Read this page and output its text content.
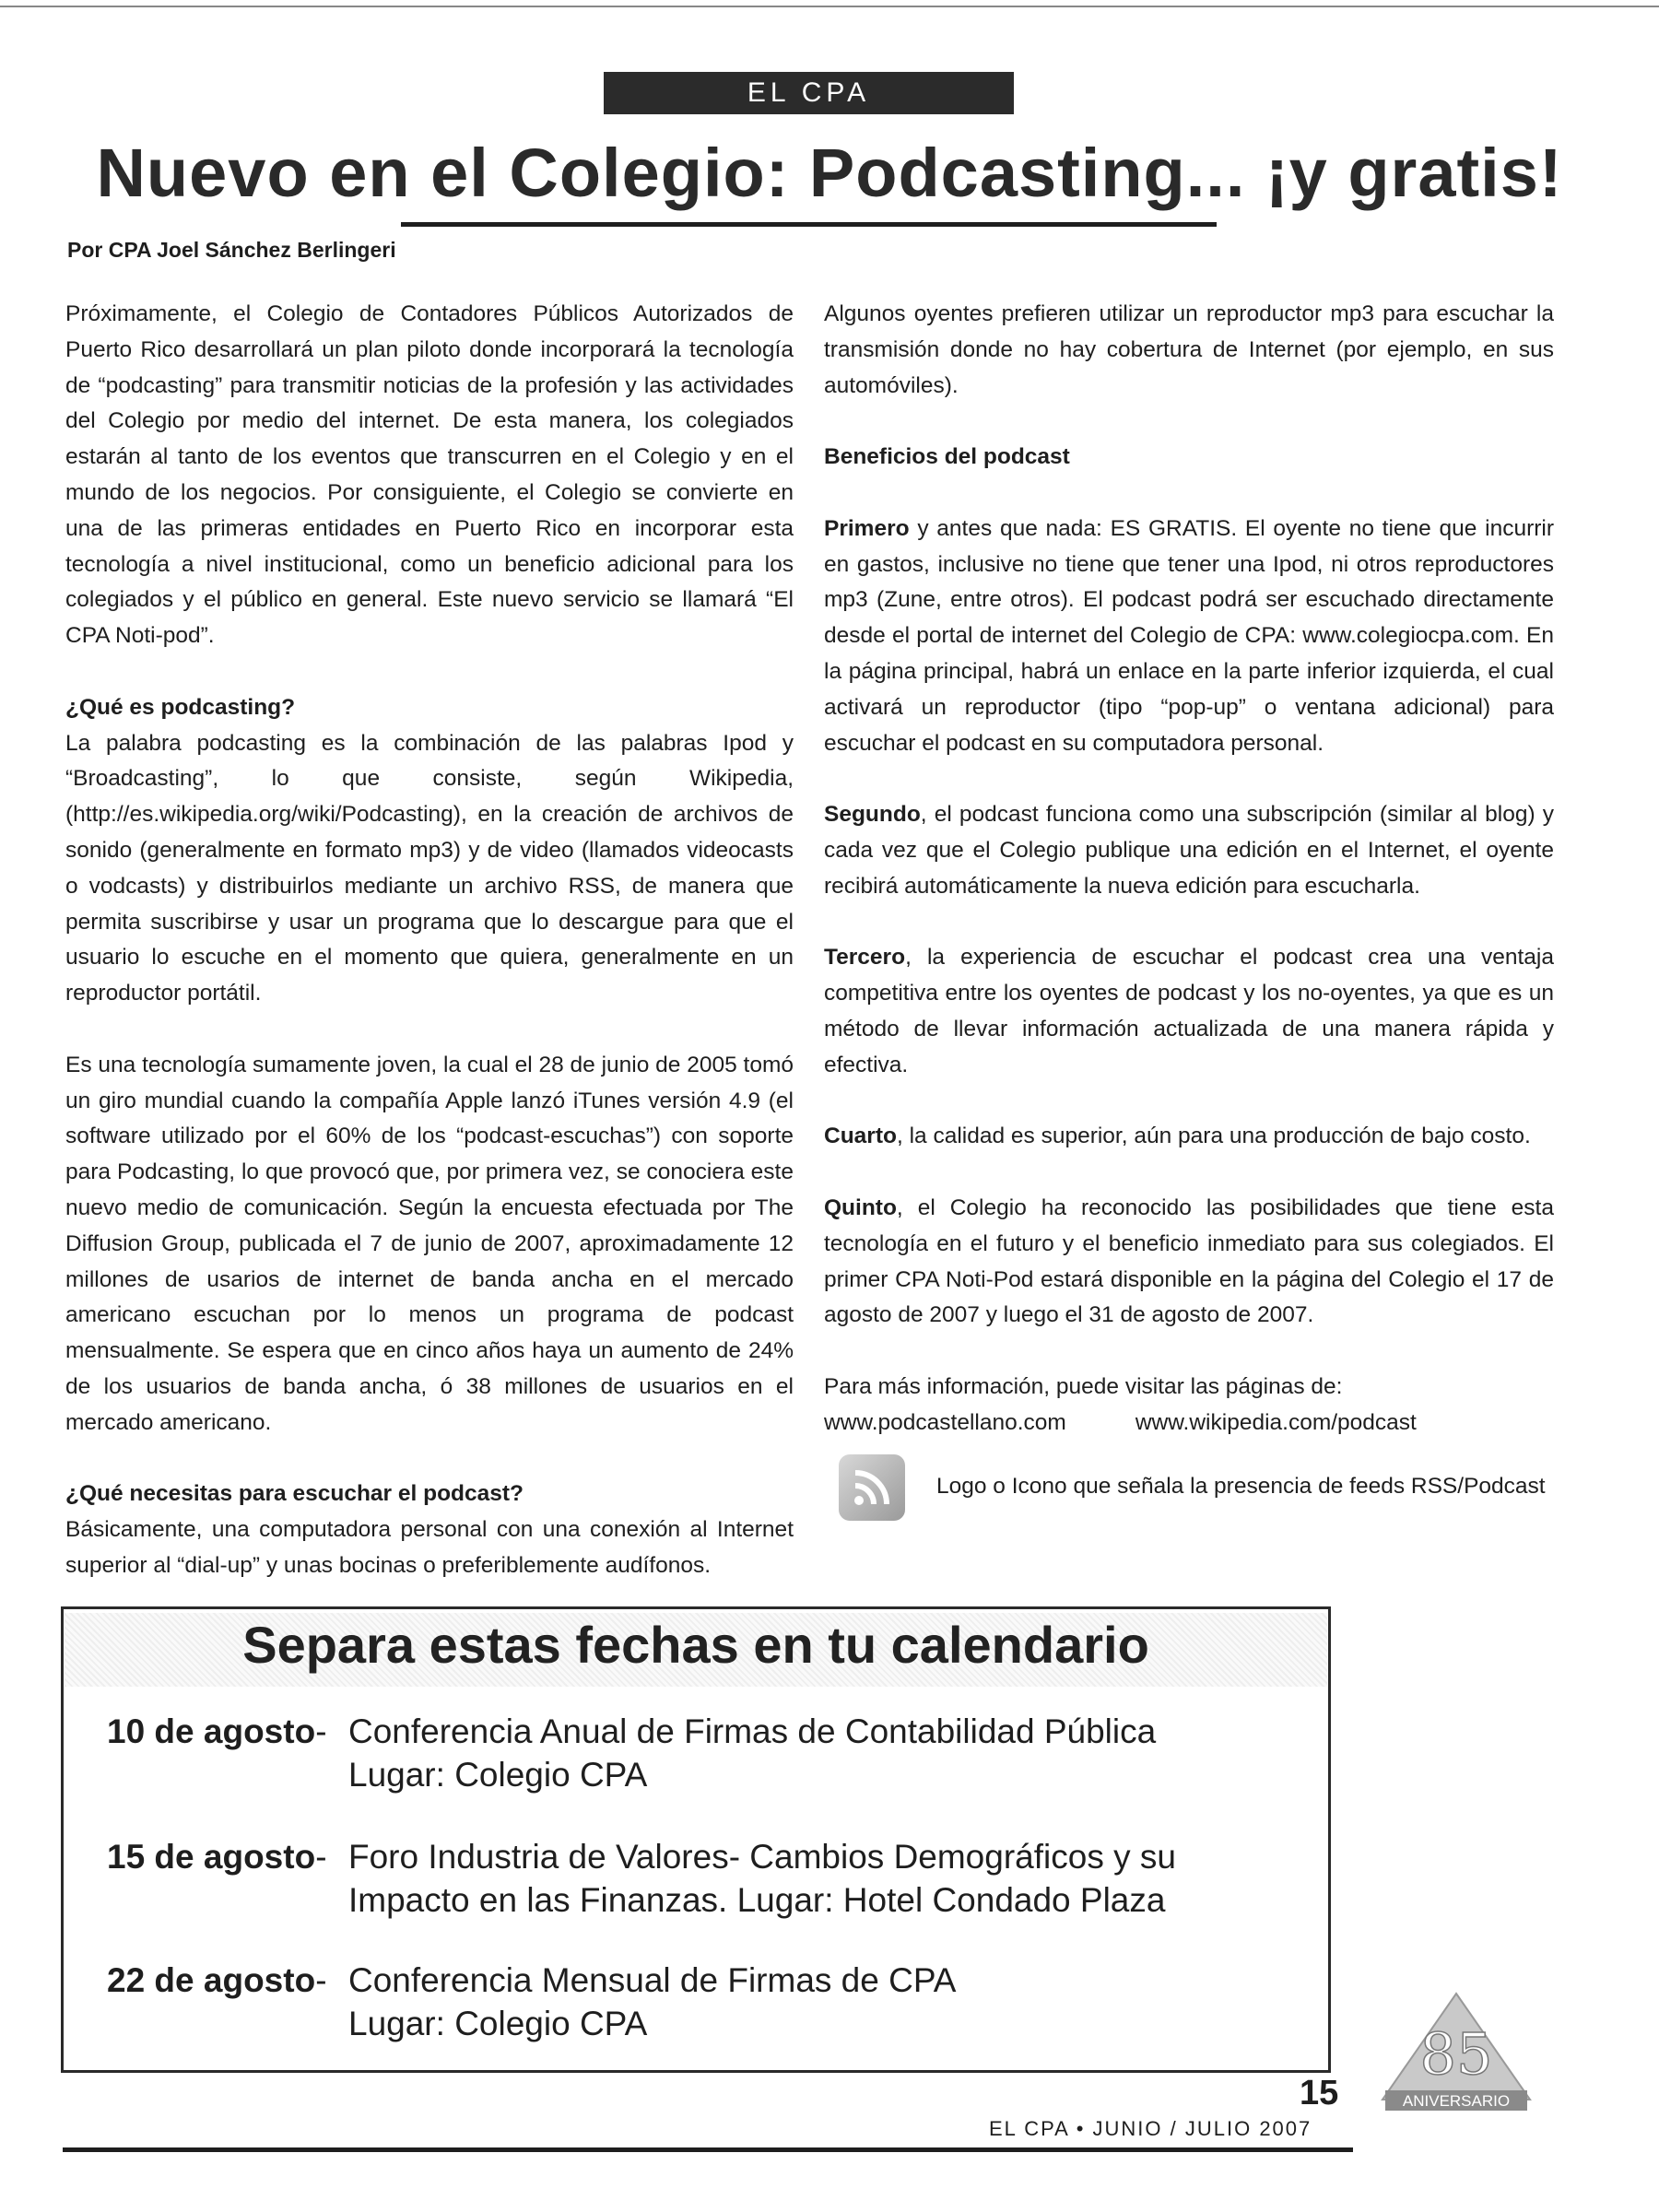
EL CPA
Nuevo en el Colegio: Podcasting... ¡y gratis!
Por CPA Joel Sánchez Berlingeri

Próximamente, el Colegio de Contadores Públicos Autorizados de Puerto Rico desarrollará un plan piloto donde incorporará la tecnología de “podcasting” para transmitir noticias de la profesión y las actividades del Colegio por medio del internet. De esta manera, los colegiados estarán al tanto de los eventos que transcurren en el Colegio y en el mundo de los negocios. Por consiguiente, el Colegio se convierte en una de las primeras entidades en Puerto Rico en incorporar esta tecnología a nivel institucional, como un beneficio adicional para los colegiados y el público en general. Este nuevo servicio se llamará “El CPA Noti-pod”.

¿Qué es podcasting?

La palabra podcasting es la combinación de las palabras Ipod y “Broadcasting”, lo que consiste, según Wikipedia, (http://es.wikipedia.org/wiki/Podcasting), en la creación de archivos de sonido (generalmente en formato mp3) y de video (llamados videocasts o vodcasts) y distribuirlos mediante un archivo RSS, de manera que permita suscribirse y usar un programa que lo descargue para que el usuario lo escuche en el momento que quiera, generalmente en un reproductor portátil.

Es una tecnología sumamente joven, la cual el 28 de junio de 2005 tomó un giro mundial cuando la compañía Apple lanzó iTunes versión 4.9 (el software utilizado por el 60% de los “podcast-escuchas”) con soporte para Podcasting, lo que provocó que, por primera vez, se conociera este nuevo medio de comunicación. Según la encuesta efectuada por The Diffusion Group, publicada el 7 de junio de 2007, aproximadamente 12 millones de usarios de internet de banda ancha en el mercado americano escuchan por lo menos un programa de podcast mensualmente. Se espera que en cinco años haya un aumento de 24% de los usuarios de banda ancha, ó 38 millones de usuarios en el mercado americano.

¿Qué necesitas para escuchar el podcast?

Básicamente, una computadora personal con una conexión al Internet superior al “dial-up” y unas bocinas o preferiblemente audífonos.

Algunos oyentes prefieren utilizar un reproductor mp3 para escuchar la transmisión donde no hay cobertura de Internet (por ejemplo, en sus automóviles).

Beneficios del podcast

Primero y antes que nada: ES GRATIS. El oyente no tiene que incurrir en gastos, inclusive no tiene que tener una Ipod, ni otros reproductores mp3 (Zune, entre otros). El podcast podrá ser escuchado directamente desde el portal de internet del Colegio de CPA: www.colegiocpa.com. En la página principal, habrá un enlace en la parte inferior izquierda, el cual activará un reproductor (tipo “pop-up” o ventana adicional) para escuchar el podcast en su computadora personal.

Segundo, el podcast funciona como una subscripción (similar al blog) y cada vez que el Colegio publique una edición en el Internet, el oyente recibirá automáticamente la nueva edición para escucharla.

Tercero, la experiencia de escuchar el podcast crea una ventaja competitiva entre los oyentes de podcast y los no-oyentes, ya que es un método de llevar información actualizada de una manera rápida y efectiva.

Cuarto, la calidad es superior, aún para una producción de bajo costo.

Quinto, el Colegio ha reconocido las posibilidades que tiene esta tecnología en el futuro y el beneficio inmediato para sus colegiados. El primer CPA Noti-Pod estará disponible en la página del Colegio el 17 de agosto de 2007 y luego el 31 de agosto de 2007.

Para más información, puede visitar las páginas de:

www.podcastellano.com	www.wikipedia.com/podcast
Logo o Icono que señala la presencia de feeds RSS/Podcast
Separa estas fechas en tu calendario
10 de agosto- Conferencia Anual de Firmas de Contabilidad Pública
Lugar: Colegio CPA
15 de agosto- Foro Industria de Valores- Cambios Demográficos y su
Impacto en las Finanzas. Lugar: Hotel Condado Plaza
22 de agosto- Conferencia Mensual de Firmas de CPA
Lugar: Colegio CPA
15
EL CPA • JUNIO / JULIO 2007
85
ANIVERSARIO
